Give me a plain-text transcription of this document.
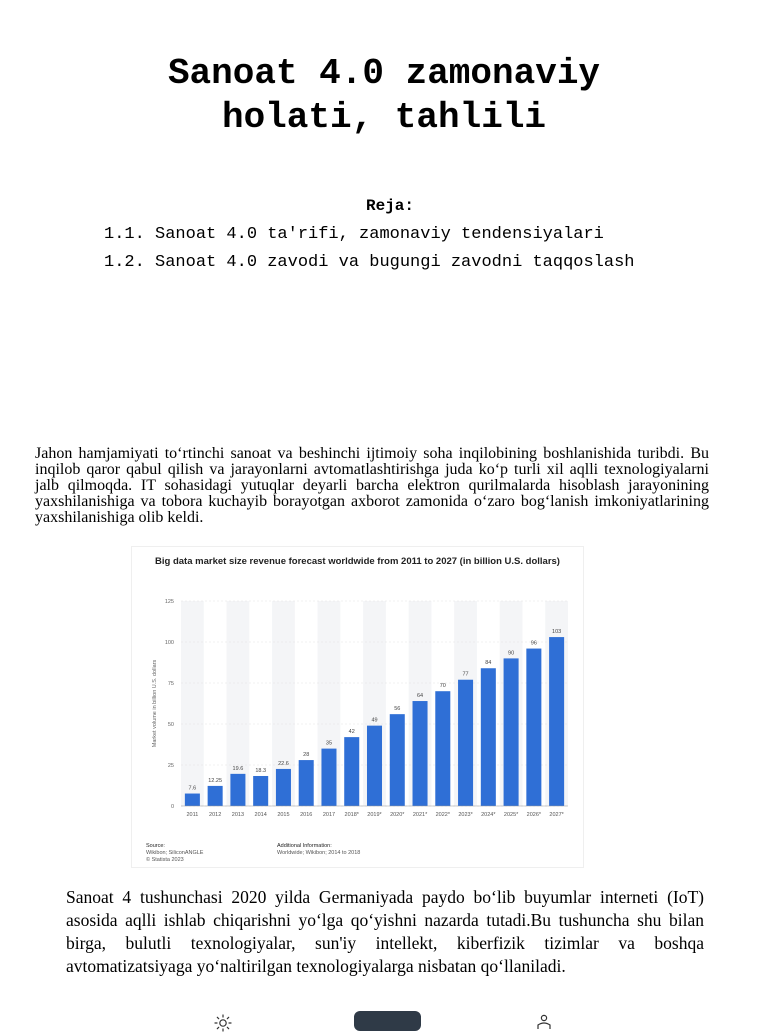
Sanoat 4.0 zamonaviy
holati, tahlili
Reja:
1.1. Sanoat 4.0 ta'rifi, zamonaviy tendensiyalari
1.2. Sanoat 4.0 zavodi va bugungi zavodni taqqoslash
Jahon hamjamiyati to‘rtinchi sanoat va beshinchi ijtimoiy soha inqilobining boshlanishida turibdi. Bu inqilob qaror qabul qilish va jarayonlarni avtomatlashtirishga juda ko‘p turli xil aqlli texnologiyalarni jalb qilmoqda. IT sohasidagi yutuqlar deyarli barcha elektron qurilmalarda hisoblash jarayonining yaxshilanishiga va tobora kuchayib borayotgan axborot zamonida o‘zaro bog‘lanish imkoniyatlarining yaxshilanishiga olib keldi.
Big data market size revenue forecast worldwide from 2011 to 2027 (in billion U.S. dollars)
0
25
50
75
100
125
Market volume in billion U.S. dollars
7.6
2011
12.25
2012
19.6
2013
18.3
2014
22.6
2015
28
2016
35
2017
42
2018*
49
2019*
56
2020*
64
2021*
70
2022*
77
2023*
84
2024*
90
2025*
96
2026*
103
2027*
Source:
Wikibon; SiliconANGLE
© Statista 2023
Additional Information:
Worldwide; Wikibon; 2014 to 2018
Sanoat 4 tushunchasi 2020 yilda Germaniyada paydo bo‘lib buyumlar interneti (IoT) asosida aqlli ishlab chiqarishni yo‘lga qo‘yishni nazarda tutadi.Bu tushuncha shu bilan birga, bulutli texnologiyalar, sun'iy intellekt, kiberfizik tizimlar va boshqa avtomatizatsiyaga yo‘naltirilgan texnologiyalarga nisbatan qo‘llaniladi.
